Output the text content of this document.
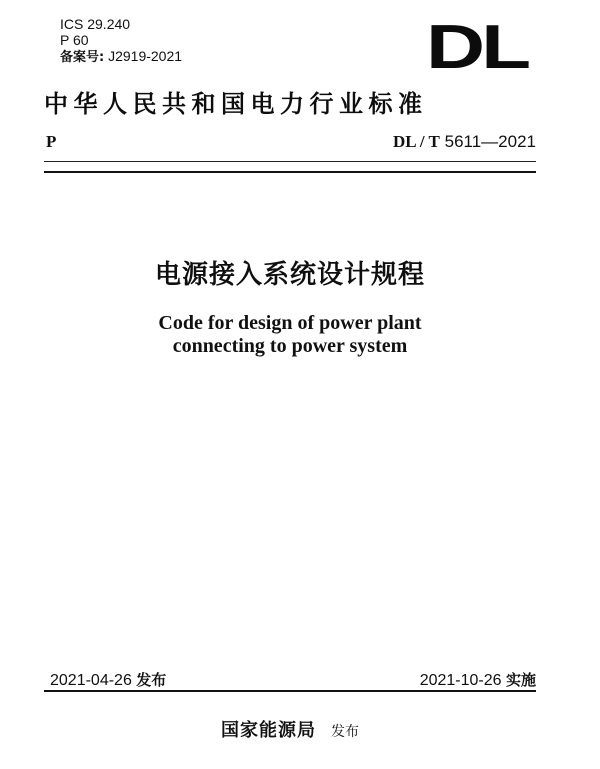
ICS 29.240
P 60
备案号: J2919-2021	DL
中华人民共和国电力行业标准
P	DL / T 5611—2021
电源接入系统设计规程
Code for design of power plant
connecting to power system
2021-04-26 发布	2021-10-26 实施
国家能源局 发布
